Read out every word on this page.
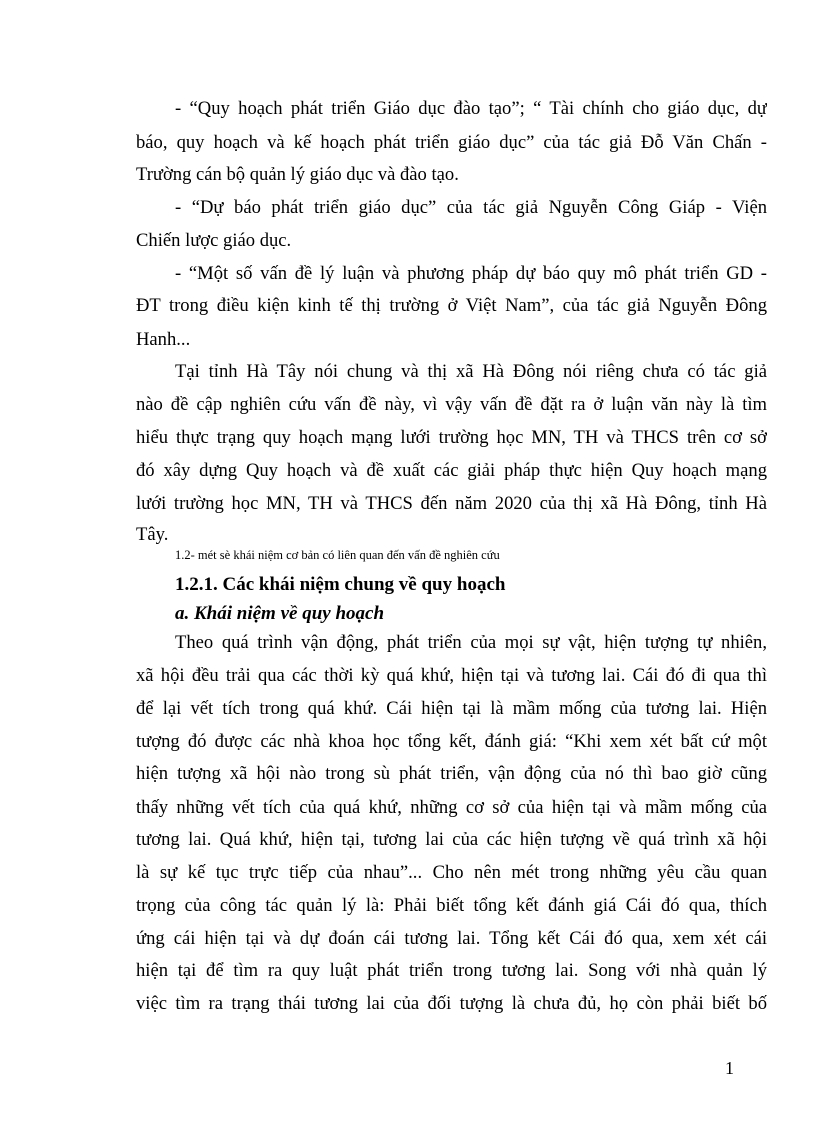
- “Quy hoạch phát triển Giáo dục đào tạo”; “ Tài chính cho giáo dục, dự

báo, quy hoạch và kế hoạch phát triển giáo dục” của tác giả Đỗ Văn Chấn -

Trường cán bộ quản lý giáo dục và đào tạo.

- “Dự báo phát triển giáo dục” của tác giả Nguyễn Công Giáp - Viện

Chiến lược giáo dục.

- “Một số vấn đề lý luận và phương pháp dự báo quy mô phát triển GD -

ĐT trong điều kiện kinh tế thị trường ở Việt Nam”, của tác giả Nguyễn Đông

Hanh...

Tại tỉnh Hà Tây nói chung và thị xã Hà Đông nói riêng chưa có tác giả

nào đề cập nghiên cứu vấn đề này, vì vậy vấn đề đặt ra ở luận văn này là tìm

hiểu thực trạng quy hoạch mạng lưới trường học MN, TH và THCS trên cơ sở

đó xây dựng Quy hoạch và đề xuất các giải pháp thực hiện Quy hoạch mạng

lưới trường học MN, TH và THCS đến năm 2020 của thị xã Hà Đông, tỉnh Hà

Tây.

1.2- mét sè khái niệm cơ bản có liên quan đến vấn đề nghiên cứu

1.2.1. Các khái niệm chung về quy hoạch

a. Khái niệm về quy hoạch

Theo quá trình vận động, phát triển của mọi sự vật, hiện tượng tự nhiên,

xã hội đều trải qua các thời kỳ quá khứ, hiện tại và tương lai. Cái đó đi qua thì

để lại vết tích trong quá khứ. Cái hiện tại là mầm mống của tương lai. Hiện

tượng đó được các nhà khoa học tổng kết, đánh giá: “Khi xem xét bất cứ một

hiện tượng xã hội nào trong sù phát triển, vận động của nó thì bao giờ cũng

thấy những vết tích của quá khứ, những cơ sở của hiện tại và mầm mống của

tương lai. Quá khứ, hiện tại, tương lai của các hiện tượng về quá trình xã hội

là sự kế tục trực tiếp của nhau”... Cho nên mét trong những yêu cầu quan

trọng của công tác quản lý là: Phải biết tổng kết đánh giá Cái đó qua, thích

ứng cái hiện tại và dự đoán cái tương lai. Tổng kết Cái đó qua, xem xét cái

hiện tại để tìm ra quy luật phát triển trong tương lai. Song với nhà quản lý

việc tìm ra trạng thái tương lai của đối tượng là chưa đủ, họ còn phải biết bố

1
